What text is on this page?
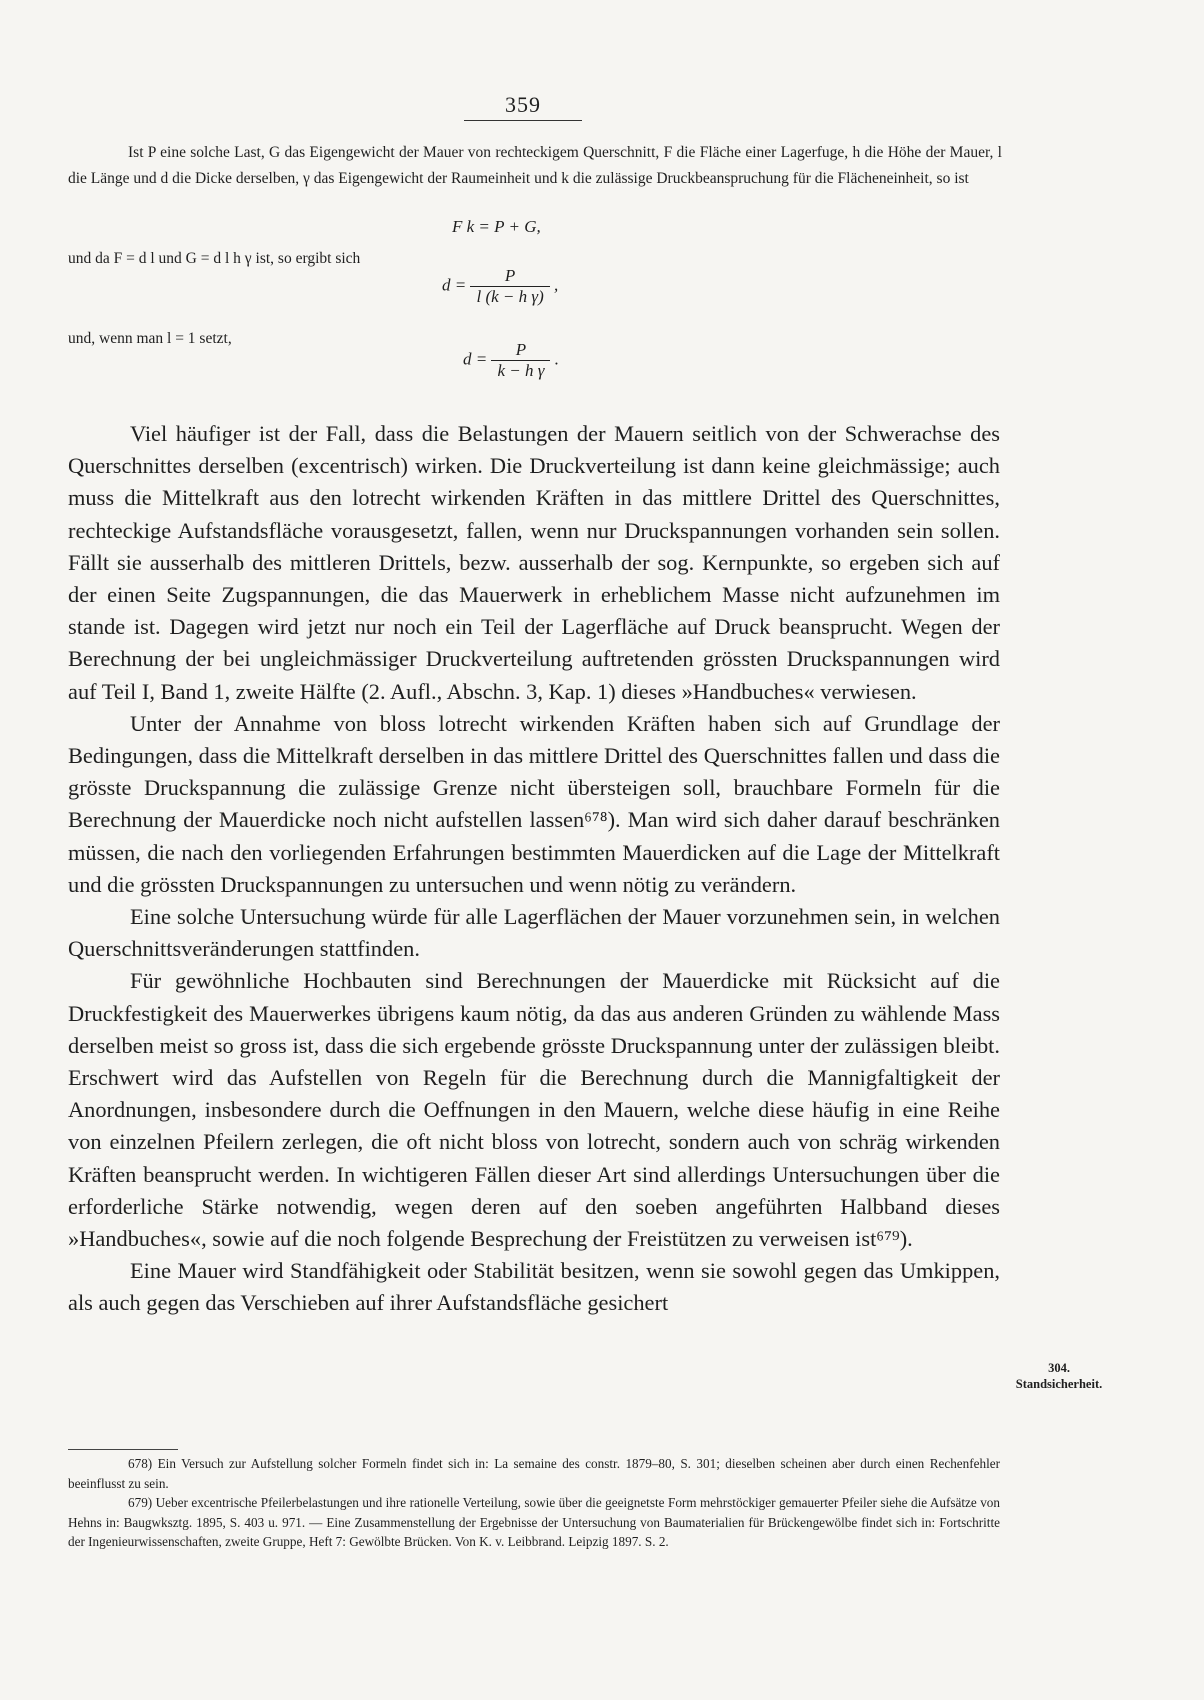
359

Ist P eine solche Last, G das Eigengewicht der Mauer von rechteckigem Querschnitt, F die Fläche einer Lagerfuge, h die Höhe der Mauer, l die Länge und d die Dicke derselben, γ das Eigengewicht der Raumeinheit und k die zulässige Druckbeanspruchung für die Flächeneinheit, so ist

F k = P + G,

und da F = d l und G = d l h γ ist, so ergibt sich

$d = \frac{P}{\text{l (k − h γ)}}$ ,

und, wenn man l = 1 setzt,

$d = \frac{P}{\text{k − h γ}}$ .

Viel häufiger ist der Fall, dass die Belastungen der Mauern seitlich von der Schwerachse des Querschnittes derselben (excentrisch) wirken. Die Druckverteilung ist dann keine gleichmässige; auch muss die Mittelkraft aus den lotrecht wirkenden Kräften in das mittlere Drittel des Querschnittes, rechteckige Aufstandsfläche vorausgesetzt, fallen, wenn nur Druckspannungen vorhanden sein sollen. Fällt sie ausserhalb des mittleren Drittels, bezw. ausserhalb der sog. Kernpunkte, so ergeben sich auf der einen Seite Zugspannungen, die das Mauerwerk in erheblichem Masse nicht aufzunehmen im stande ist. Dagegen wird jetzt nur noch ein Teil der Lagerfläche auf Druck beansprucht. Wegen der Berechnung der bei ungleichmässiger Druckverteilung auftretenden grössten Druckspannungen wird auf Teil I, Band 1, zweite Hälfte (2. Aufl., Abschn. 3, Kap. 1) dieses »Handbuches« verwiesen.

Unter der Annahme von bloss lotrecht wirkenden Kräften haben sich auf Grundlage der Bedingungen, dass die Mittelkraft derselben in das mittlere Drittel des Querschnittes fallen und dass die grösste Druckspannung die zulässige Grenze nicht übersteigen soll, brauchbare Formeln für die Berechnung der Mauerdicke noch nicht aufstellen lassen⁶⁷⁸). Man wird sich daher darauf beschränken müssen, die nach den vorliegenden Erfahrungen bestimmten Mauerdicken auf die Lage der Mittelkraft und die grössten Druckspannungen zu untersuchen und wenn nötig zu verändern.

Eine solche Untersuchung würde für alle Lagerflächen der Mauer vorzunehmen sein, in welchen Querschnittsveränderungen stattfinden.

Für gewöhnliche Hochbauten sind Berechnungen der Mauerdicke mit Rücksicht auf die Druckfestigkeit des Mauerwerkes übrigens kaum nötig, da das aus anderen Gründen zu wählende Mass derselben meist so gross ist, dass die sich ergebende grösste Druckspannung unter der zulässigen bleibt. Erschwert wird das Aufstellen von Regeln für die Berechnung durch die Mannigfaltigkeit der Anordnungen, insbesondere durch die Oeffnungen in den Mauern, welche diese häufig in eine Reihe von einzelnen Pfeilern zerlegen, die oft nicht bloss von lotrecht, sondern auch von schräg wirkenden Kräften beansprucht werden. In wichtigeren Fällen dieser Art sind allerdings Untersuchungen über die erforderliche Stärke notwendig, wegen deren auf den soeben angeführten Halbband dieses »Handbuches«, sowie auf die noch folgende Besprechung der Freistützen zu verweisen ist⁶⁷⁹).

Eine Mauer wird Standfähigkeit oder Stabilität besitzen, wenn sie sowohl gegen das Umkippen, als auch gegen das Verschieben auf ihrer Aufstandsfläche gesichert

304.
Standsicherheit.

678) Ein Versuch zur Aufstellung solcher Formeln findet sich in: La semaine des constr. 1879–80, S. 301; dieselben scheinen aber durch einen Rechenfehler beeinflusst zu sein.

679) Ueber excentrische Pfeilerbelastungen und ihre rationelle Verteilung, sowie über die geeignetste Form mehrstöckiger gemauerter Pfeiler siehe die Aufsätze von Hehns in: Baugwksztg. 1895, S. 403 u. 971. — Eine Zusammenstellung der Ergebnisse der Untersuchung von Baumaterialien für Brückengewölbe findet sich in: Fortschritte der Ingenieurwissenschaften, zweite Gruppe, Heft 7: Gewölbte Brücken. Von K. v. Leibbrand. Leipzig 1897. S. 2.
